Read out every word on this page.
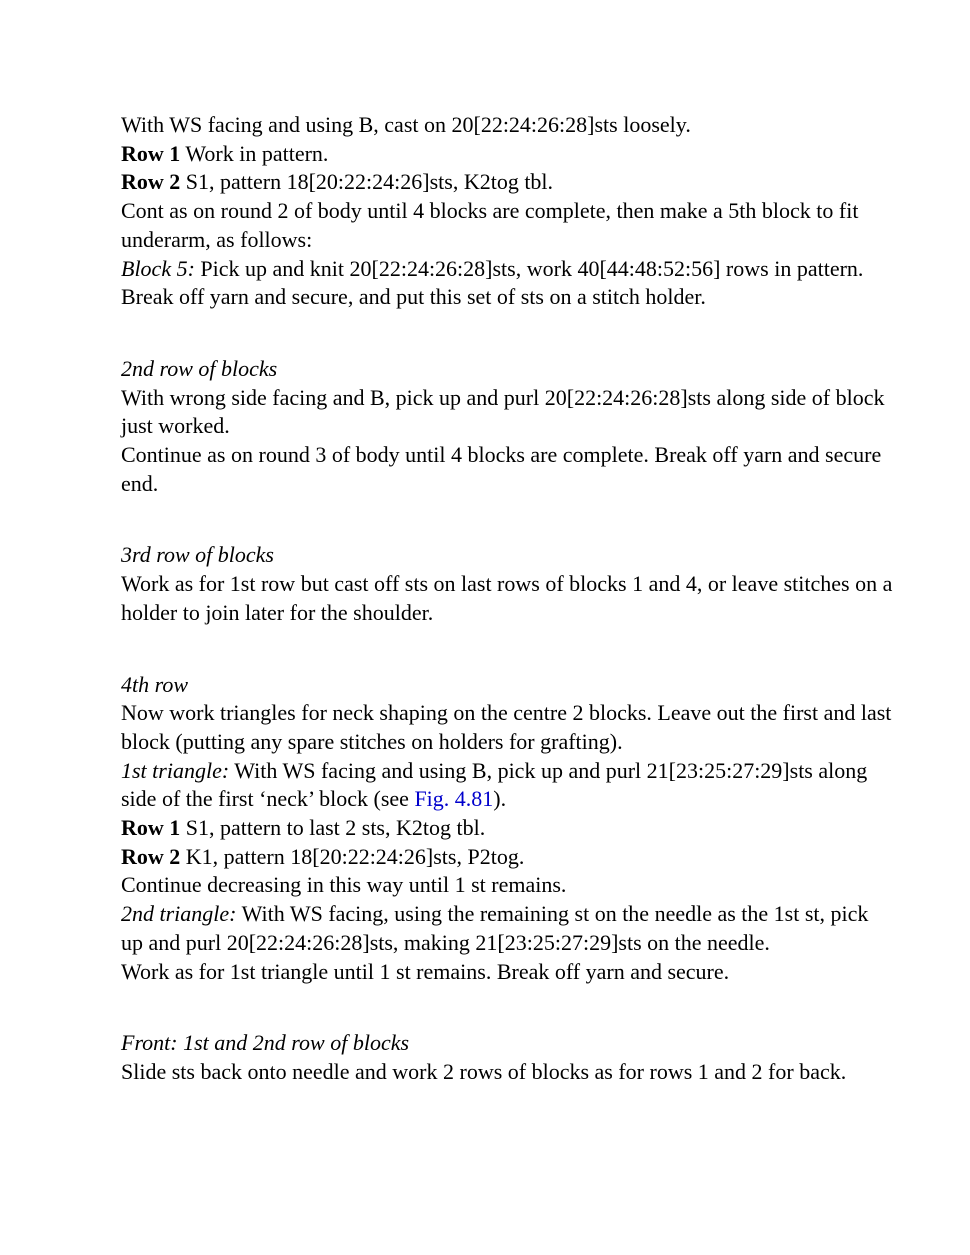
With WS facing and using B, cast on 20[22:24:26:28]sts loosely.

Row 1 Work in pattern.

Row 2 S1, pattern 18[20:22:24:26]sts, K2tog tbl.

Cont as on round 2 of body until 4 blocks are complete, then make a 5th block to fit underarm, as follows:

Block 5: Pick up and knit 20[22:24:26:28]sts, work 40[44:48:52:56] rows in pattern. Break off yarn and secure, and put this set of sts on a stitch holder.

2nd row of blocks

With wrong side facing and B, pick up and purl 20[22:24:26:28]sts along side of block just worked.

Continue as on round 3 of body until 4 blocks are complete. Break off yarn and secure end.

3rd row of blocks

Work as for 1st row but cast off sts on last rows of blocks 1 and 4, or leave stitches on a holder to join later for the shoulder.

4th row

Now work triangles for neck shaping on the centre 2 blocks. Leave out the first and last block (putting any spare stitches on holders for grafting).

1st triangle: With WS facing and using B, pick up and purl 21[23:25:27:29]sts along side of the first ‘neck’ block (see Fig. 4.81).

Row 1 S1, pattern to last 2 sts, K2tog tbl.

Row 2 K1, pattern 18[20:22:24:26]sts, P2tog.

Continue decreasing in this way until 1 st remains.

2nd triangle: With WS facing, using the remaining st on the needle as the 1st st, pick up and purl 20[22:24:26:28]sts, making 21[23:25:27:29]sts on the needle.

Work as for 1st triangle until 1 st remains. Break off yarn and secure.

Front: 1st and 2nd row of blocks

Slide sts back onto needle and work 2 rows of blocks as for rows 1 and 2 for back.
